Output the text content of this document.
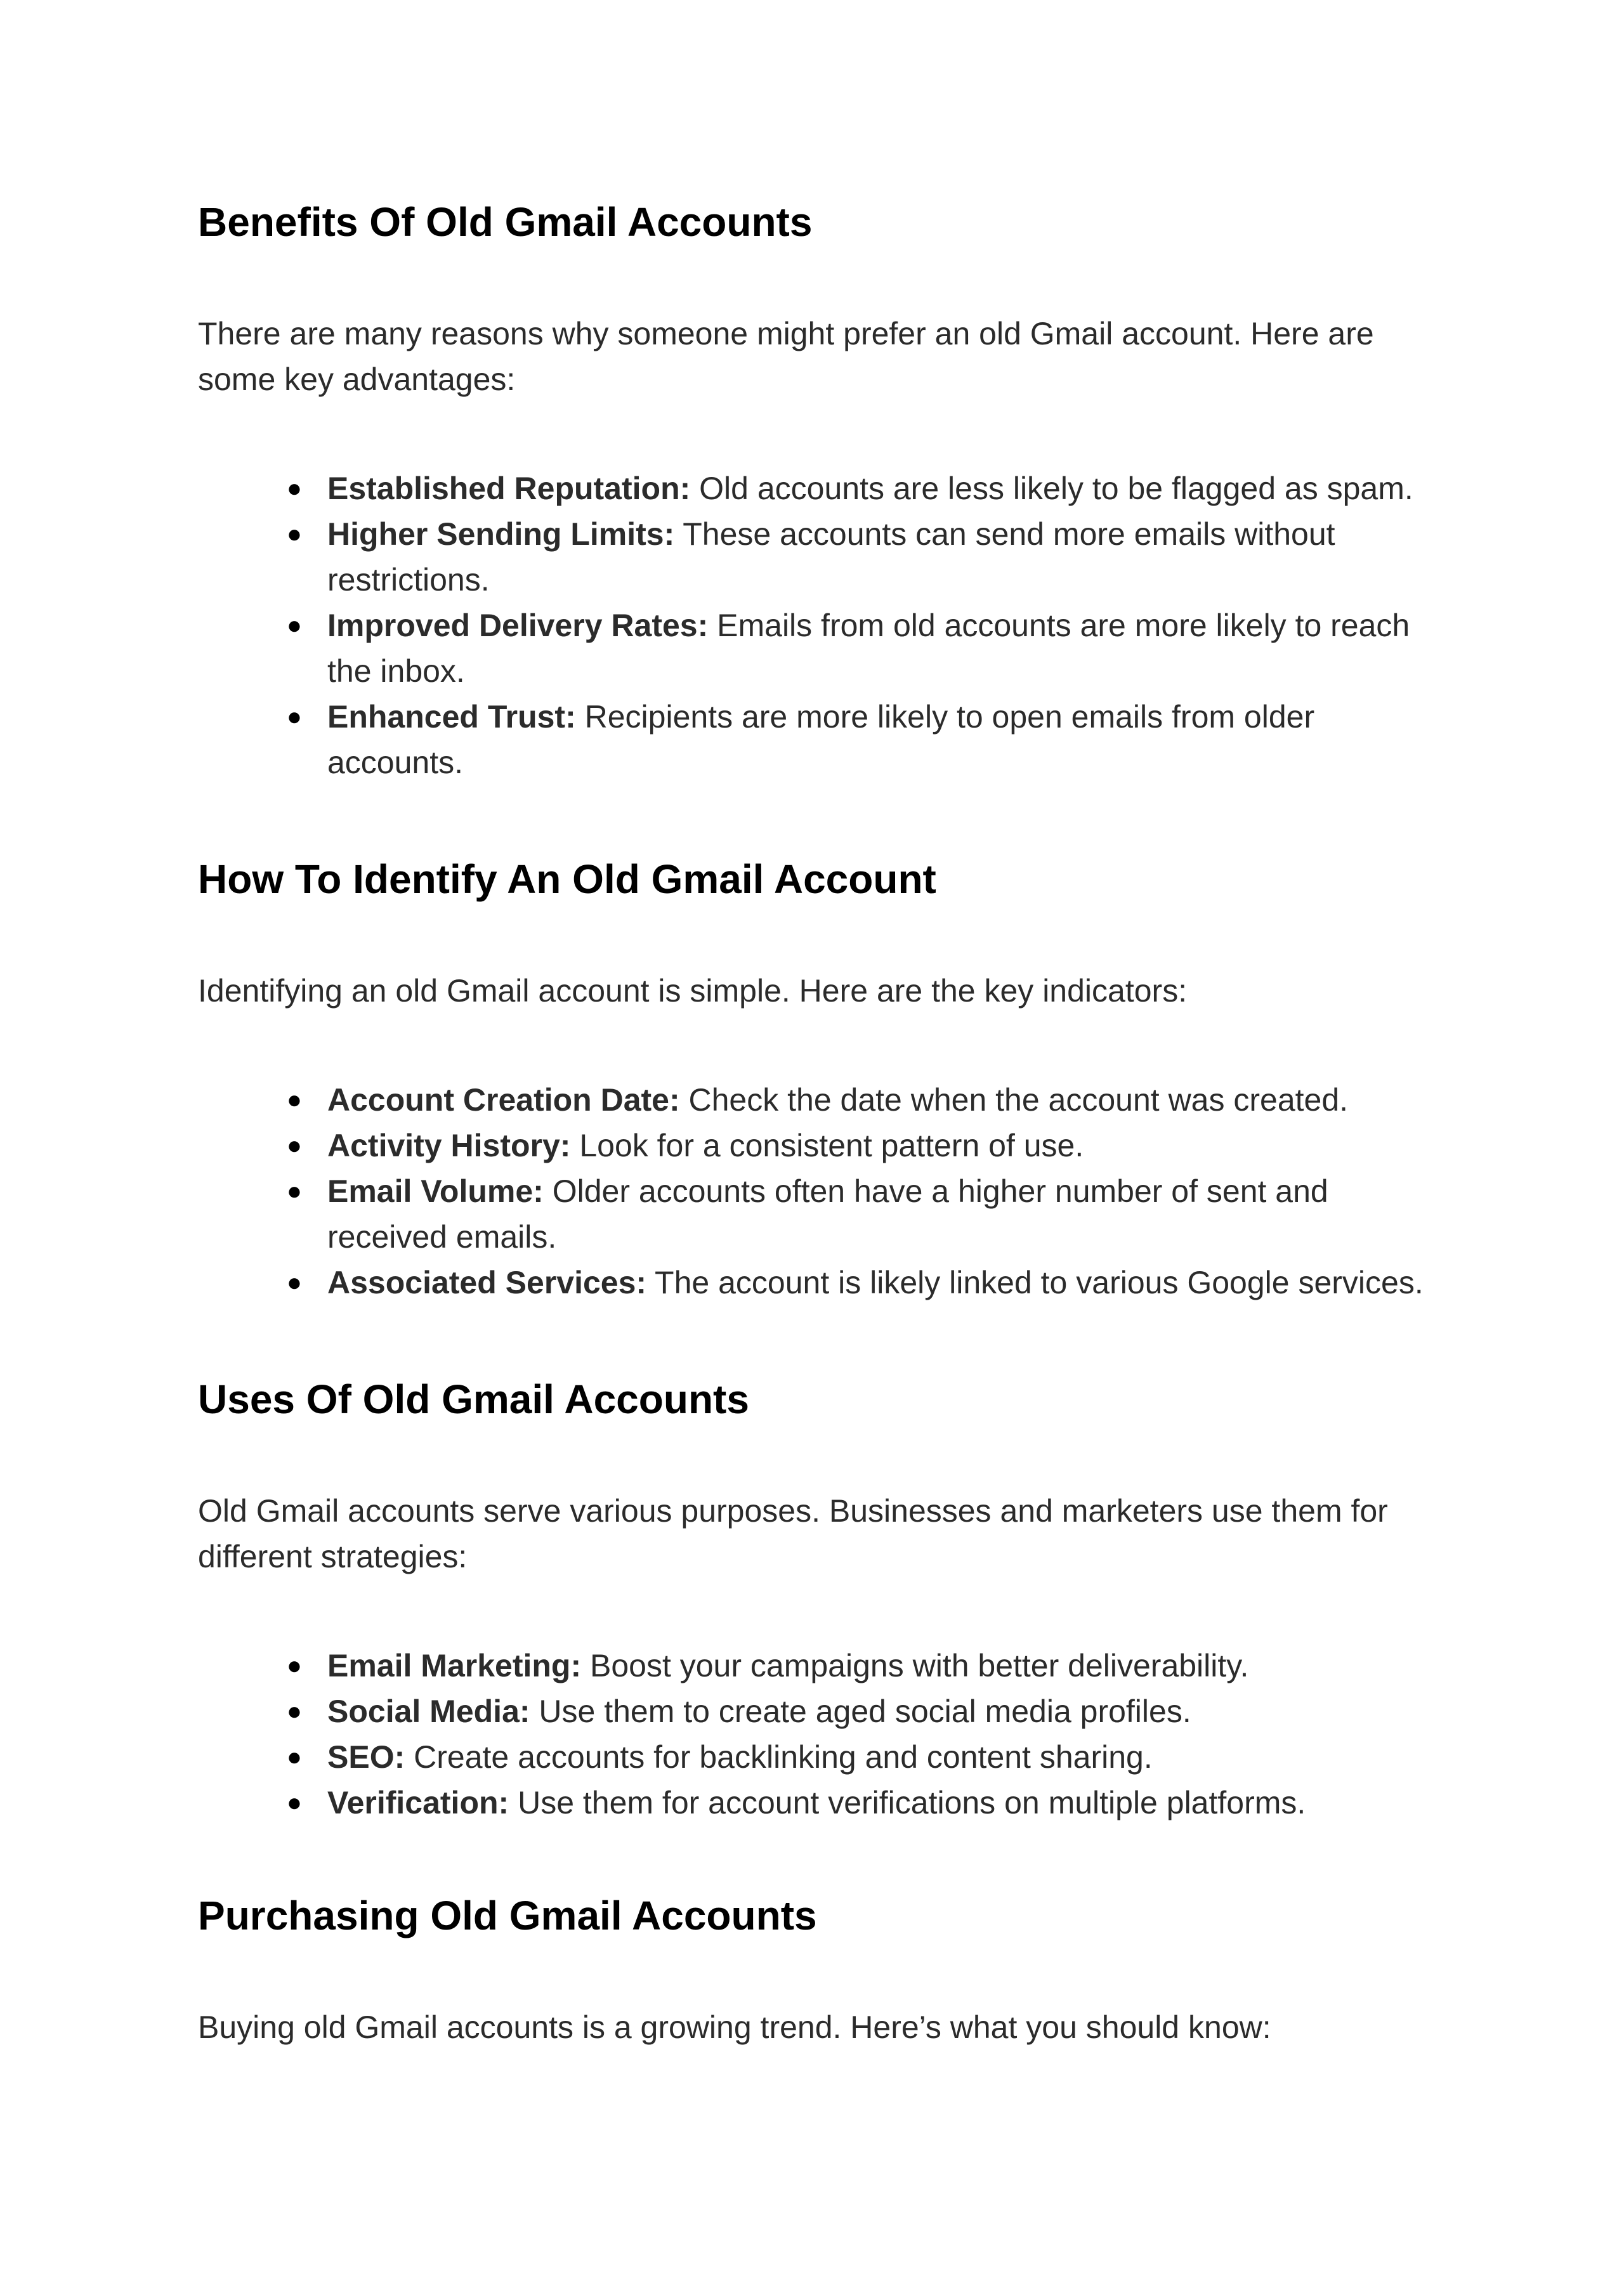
Benefits Of Old Gmail Accounts

There are many reasons why someone might prefer an old Gmail account. Here are some key advantages:

● Established Reputation: Old accounts are less likely to be flagged as spam.
● Higher Sending Limits: These accounts can send more emails without restrictions.
● Improved Delivery Rates: Emails from old accounts are more likely to reach the inbox.
● Enhanced Trust: Recipients are more likely to open emails from older accounts.
How To Identify An Old Gmail Account

Identifying an old Gmail account is simple. Here are the key indicators:

● Account Creation Date: Check the date when the account was created.
● Activity History: Look for a consistent pattern of use.
● Email Volume: Older accounts often have a higher number of sent and received emails.
● Associated Services: The account is likely linked to various Google services.
Uses Of Old Gmail Accounts

Old Gmail accounts serve various purposes. Businesses and marketers use them for different strategies:

● Email Marketing: Boost your campaigns with better deliverability.
● Social Media: Use them to create aged social media profiles.
● SEO: Create accounts for backlinking and content sharing.
● Verification: Use them for account verifications on multiple platforms.
Purchasing Old Gmail Accounts

Buying old Gmail accounts is a growing trend. Here’s what you should know:
